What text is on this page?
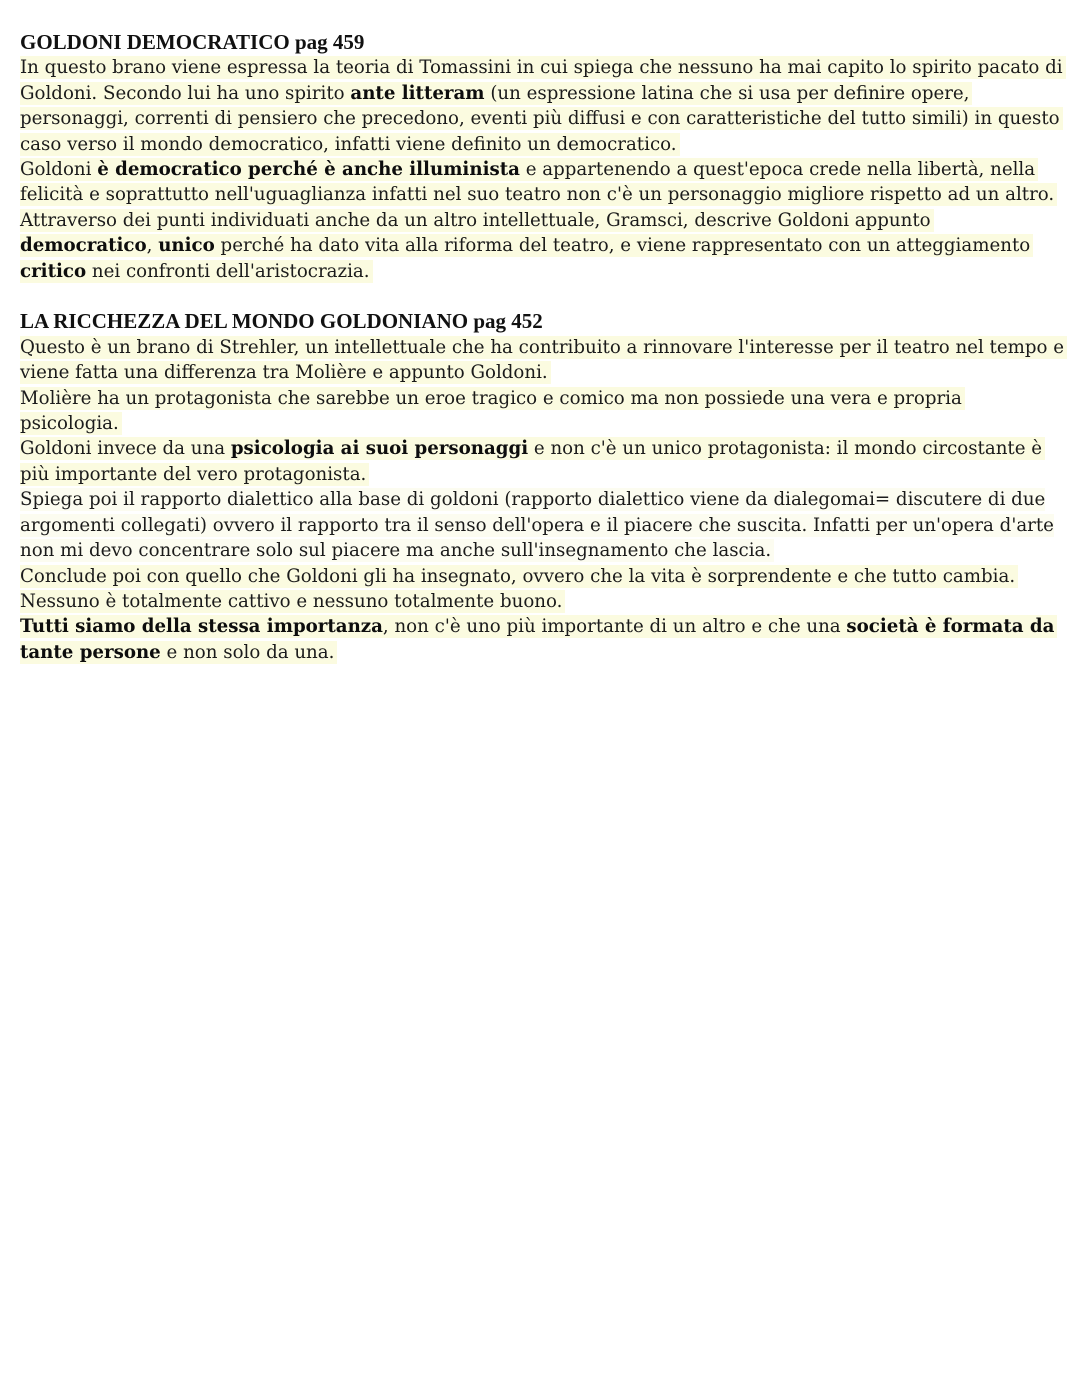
GOLDONI DEMOCRATICO pag 459

In questo brano viene espressa la teoria di Tomassini in cui spiega che nessuno ha mai capito lo spirito pacato di Goldoni. Secondo lui ha uno spirito ante litteram (un espressione latina che si usa per definire opere, personaggi, correnti di pensiero che precedono, eventi più diffusi e con caratteristiche del tutto simili) in questo caso verso il mondo democratico, infatti viene definito un democratico.

Goldoni è democratico perché è anche illuminista e appartenendo a quest'epoca crede nella libertà, nella felicità e soprattutto nell'uguaglianza infatti nel suo teatro non c'è un personaggio migliore rispetto ad un altro.

Attraverso dei punti individuati anche da un altro intellettuale, Gramsci, descrive Goldoni appunto democratico, unico perché ha dato vita alla riforma del teatro, e viene rappresentato con un atteggiamento critico nei confronti dell'aristocrazia.

LA RICCHEZZA DEL MONDO GOLDONIANO pag 452

Questo è un brano di Strehler, un intellettuale che ha contribuito a rinnovare l'interesse per il teatro nel tempo e viene fatta una differenza tra Molière e appunto Goldoni.

Molière ha un protagonista che sarebbe un eroe tragico e comico ma non possiede una vera e propria psicologia.

Goldoni invece da una psicologia ai suoi personaggi e non c'è un unico protagonista: il mondo circostante è più importante del vero protagonista.

Spiega poi il rapporto dialettico alla base di goldoni (rapporto dialettico viene da dialegomai= discutere di due argomenti collegati) ovvero il rapporto tra il senso dell'opera e il piacere che suscita. Infatti per un'opera d'arte non mi devo concentrare solo sul piacere ma anche sull'insegnamento che lascia.

Conclude poi con quello che Goldoni gli ha insegnato, ovvero che la vita è sorprendente e che tutto cambia.

Nessuno è totalmente cattivo e nessuno totalmente buono.

Tutti siamo della stessa importanza, non c'è uno più importante di un altro e che una società è formata da tante persone e non solo da una.
